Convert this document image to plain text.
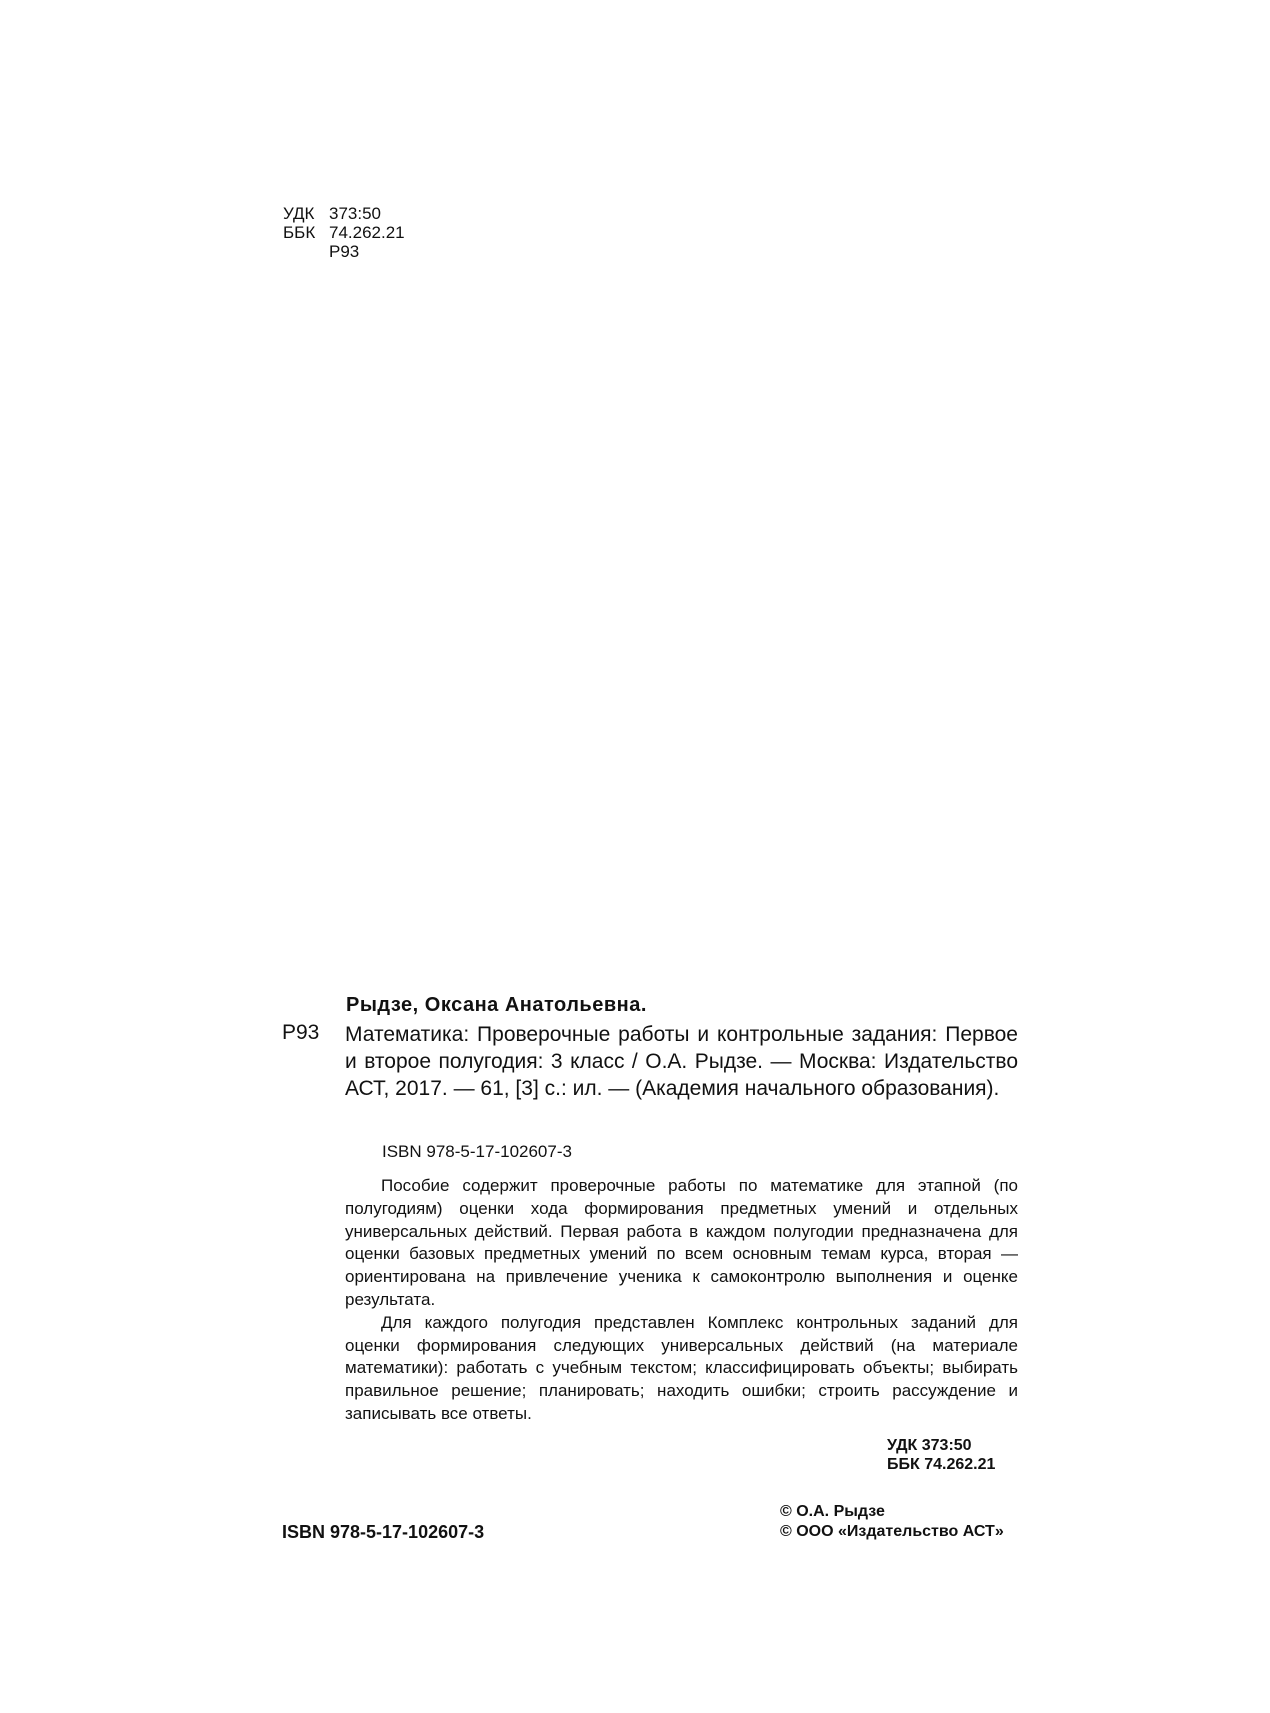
УДК 373:50
ББК 74.262.21
Р93
Рыдзе, Оксана Анатольевна.
Р93 Математика: Проверочные работы и контрольные задания: Первое и второе полугодия: 3 класс / О.А. Рыдзе. — Москва: Издательство АСТ, 2017. — 61, [3] с.: ил. — (Академия начального образования).
ISBN 978-5-17-102607-3

Пособие содержит проверочные работы по математике для этапной (по полугодиям) оценки хода формирования предметных умений и отдельных универсальных действий. Первая работа в каждом полугодии предназначена для оценки базовых предметных умений по всем основным темам курса, вторая — ориентирована на привлечение ученика к самоконтролю выполнения и оценке результата.

Для каждого полугодия представлен Комплекс контрольных заданий для оценки формирования следующих универсальных действий (на материале математики): работать с учебным текстом; классифицировать объекты; выбирать правильное решение; планировать; находить ошибки; строить рассуждение и записывать все ответы.

УДК 373:50
ББК 74.262.21
ISBN 978-5-17-102607-3
© О.А. Рыдзе
© ООО «Издательство АСТ»
